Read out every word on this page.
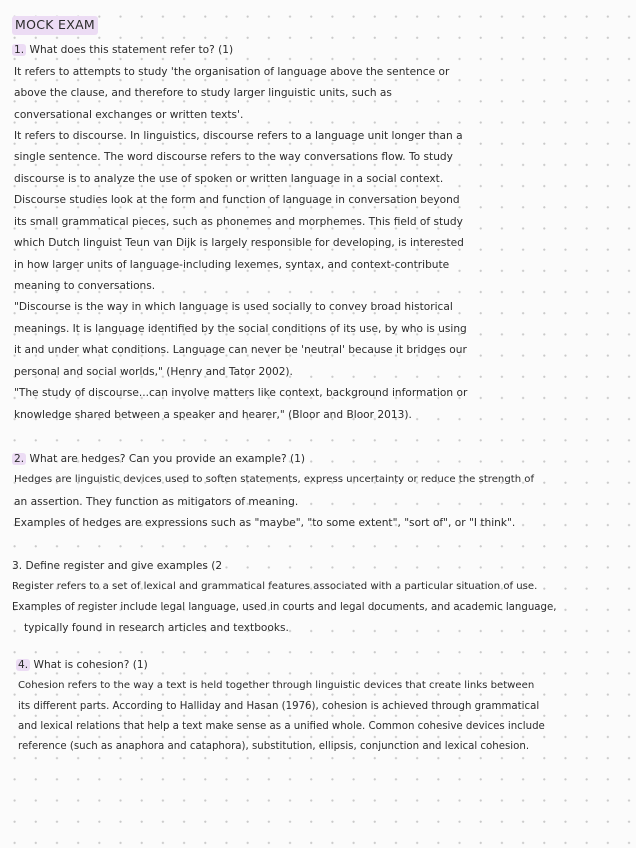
MOCK EXAM
1. What does this statement refer to? (1)
It refers to attempts to study 'the organisation of language above the sentence or
above the clause, and therefore to study larger linguistic units, such as
conversational exchanges or written texts'.
It refers to discourse. In linguistics, discourse refers to a language unit longer than a
single sentence. The word discourse refers to the way conversations flow. To study
discourse is to analyze the use of spoken or written language in a social context.
Discourse studies look at the form and function of language in conversation beyond
its small grammatical pieces, such as phonemes and morphemes. This field of study
which Dutch linguist Teun van Dijk is largely responsible for developing, is interested
in how larger units of language-including lexemes, syntax, and context-contribute
meaning to conversations.
"Discourse is the way in which language is used socially to convey broad historical
meanings. It is language identified by the social conditions of its use, by who is using
it and under what conditions. Language can never be 'neutral' because it bridges our
personal and social worlds," (Henry and Tator 2002).
"The study of discourse...can involve matters like context, background information or
knowledge shared between a speaker and hearer," (Bloor and Bloor 2013).
2. What are hedges? Can you provide an example? (1)
Hedges are linguistic devices used to soften statements, express uncertainty or reduce the strength of
an assertion. They function as mitigators of meaning.
Examples of hedges are expressions such as "maybe", "to some extent", "sort of", or "I think".
3. Define register and give examples (2
Register refers to a set of lexical and grammatical features associated with a particular situation of use.
Examples of register include legal language, used in courts and legal documents, and academic language,
typically found in research articles and textbooks.
4. What is cohesion? (1)
Cohesion refers to the way a text is held together through linguistic devices that create links between
its different parts. According to Halliday and Hasan (1976), cohesion is achieved through grammatical
and lexical relations that help a text make sense as a unified whole. Common cohesive devices include
reference (such as anaphora and cataphora), substitution, ellipsis, conjunction and lexical cohesion.
